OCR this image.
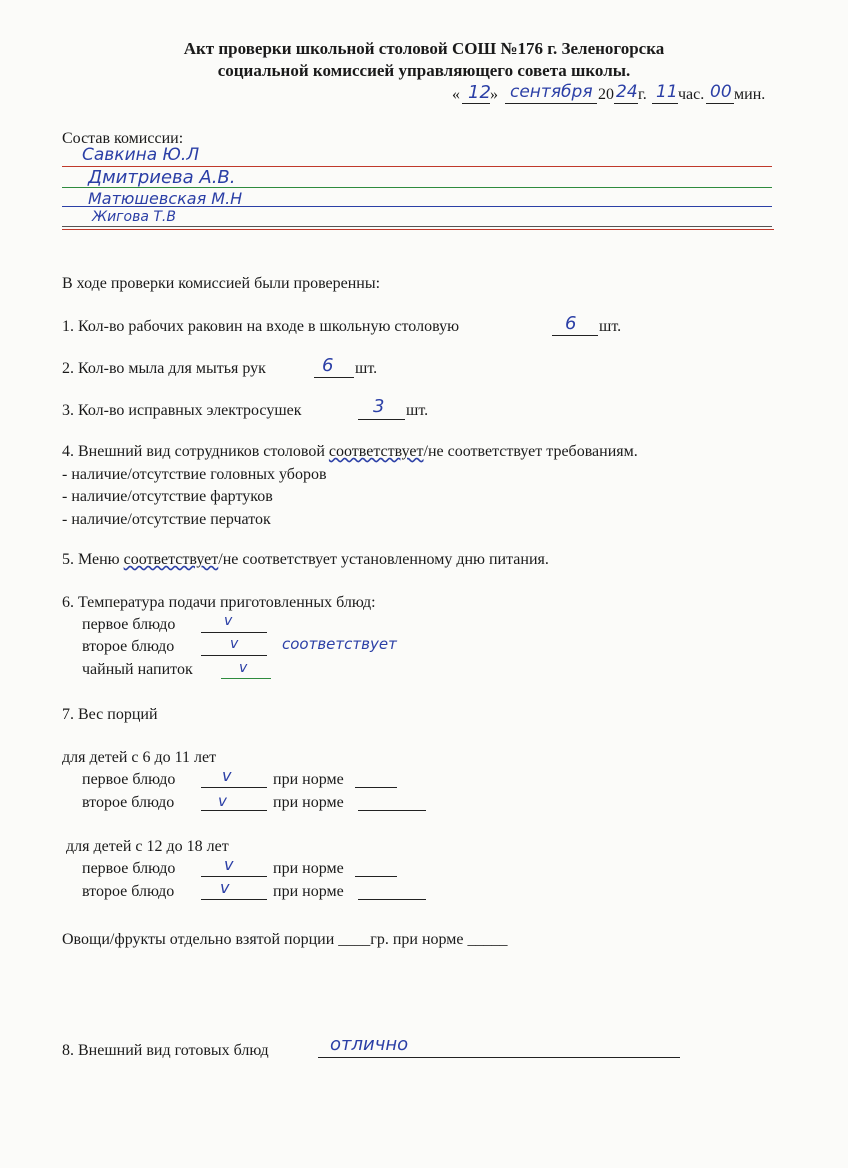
Акт проверки школьной столовой СОШ №176 г. Зеленогорска
социальной комиссией управляющего совета школы.
« 12 » сентября 20 24 г. 11 час. 00 мин.
Состав комиссии:
Савкина Ю.Л
Дмитриева А.В.
Матюшевская М.Н
Жигова Т.В
В ходе проверки комиссией были проверенны:
1. Кол-во рабочих раковин на входе в школьную столовую	6 шт.
2. Кол-во мыла для мытья рук	6 шт.
3. Кол-во исправных электросушек	3 шт.
4. Внешний вид сотрудников столовой соответствует/не соответствует требованиям.
- наличие/отсутствие головных уборов
- наличие/отсутствие фартуков
- наличие/отсутствие перчаток
5. Меню соответствует/не соответствует установленному дню питания.
6. Температура подачи приготовленных блюд:
первое блюдо	v
второе блюдо	v	соответствует
чайный напиток	v
7. Вес порций
для детей с 6 до 11 лет
первое блюдо	v	при норме
второе блюдо	v	при норме
для детей с 12 до 18 лет
первое блюдо	v при норме
второе блюдо	v	при норме
Овощи/фрукты отдельно взятой порции ____гр. при норме _____
8. Внешний вид готовых блюд	отлично
